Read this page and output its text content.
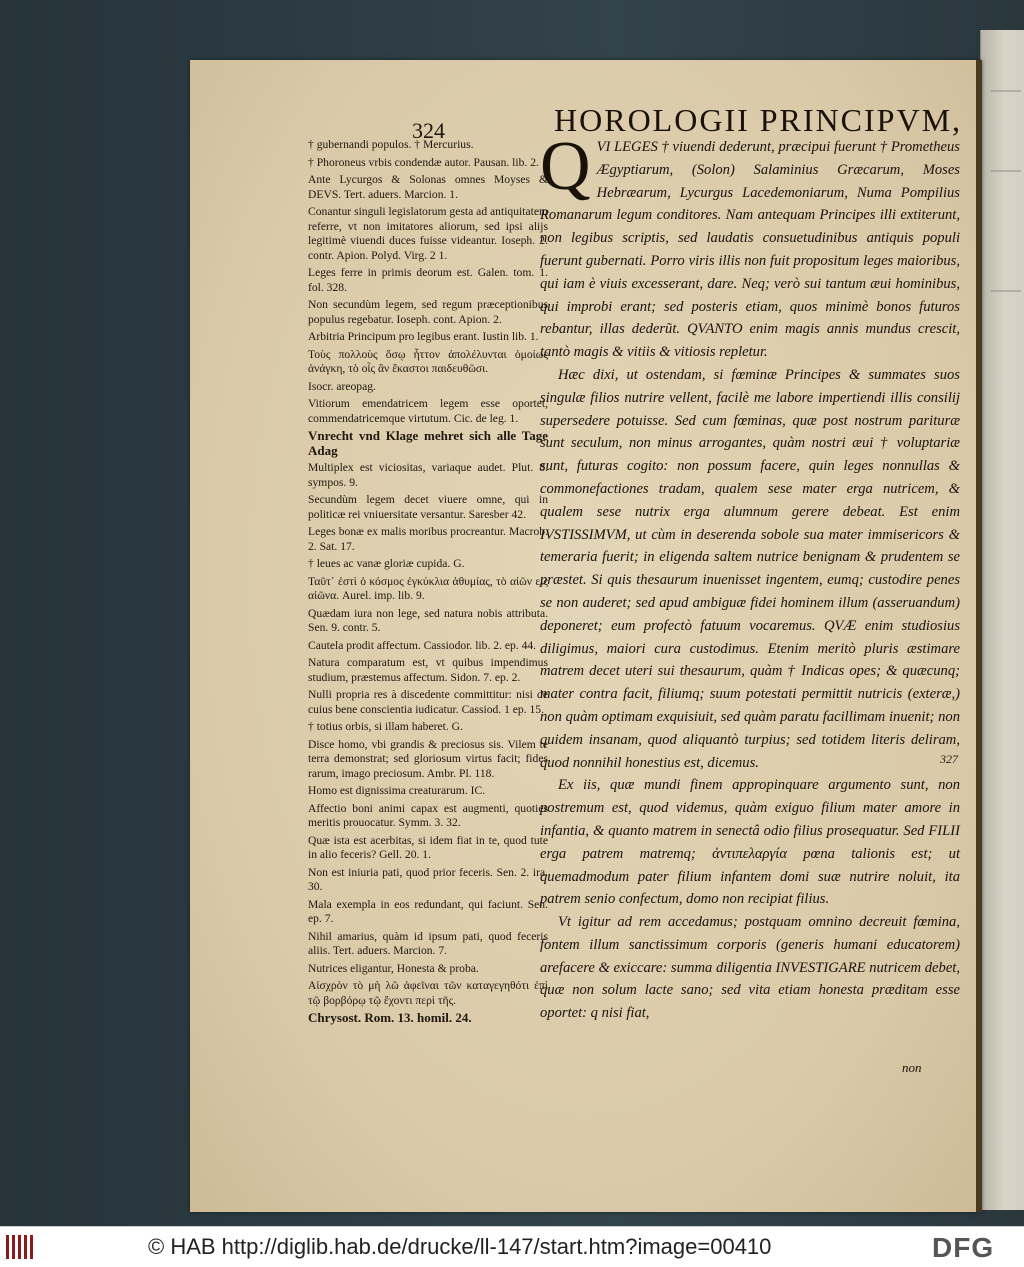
324	HOROLOGII PRINCIPVM,

† gubernandi populos. † Mercurius.

† Phoroneus vrbis condendæ autor. Pausan. lib. 2.

Ante Lycurgos & Solonas omnes Moyses & DEVS. Tert. aduers. Marcion. 1.

Conantur singuli legislatorum gesta ad antiquitatem referre, vt non imitatores aliorum, sed ipsi alijs legitimè viuendi duces fuisse videantur. Ioseph. 2. contr. Apion. Polyd. Virg. 2 1.

Leges ferre in primis deorum est. Galen. tom. 1. fol. 328.

Non secundùm legem, sed regum præceptionibus populus regebatur. Ioseph. cont. Apion. 2.

Arbitria Principum pro legibus erant. Iustin lib. 1.

Τοὺς πολλοὺς ὅσῳ ἧττον ἀπολέλυνται ὁμοίως ἀνάγκη, τὸ οἷς ἂν ἕκαστοι παιδευθῶσι.

Isocr. areopag.

Vitiorum emendatricem legem esse oportet, commendatricemque virtutum. Cic. de leg. 1.

Vnrecht vnd Klage mehret sich alle Tage Adag

Multiplex est viciositas, variaque audet. Plut. 8. sympos. 9.

Secundùm legem decet viuere omne, qui in politicæ rei vniuersitate versantur. Saresber 42.

Leges bonæ ex malis moribus procreantur. Macrob. 2. Sat. 17.

† leues ac vanæ gloriæ cupida. G.

Ταῦτ᾽ ἐστὶ ὁ κόσμος ἐγκύκλια ἀθυμίας, τὸ αἰῶν εἰς αἰῶνα. Aurel. imp. lib. 9.

Quædam iura non lege, sed natura nobis attributa. Sen. 9. contr. 5.

Cautela prodit affectum. Cassiodor. lib. 2. ep. 44.

Natura comparatum est, vt quibus impendimus studium, præstemus affectum. Sidon. 7. ep. 2.

Nulli propria res à discedente committitur: nisi de cuius bene conscientia iudicatur. Cassiod. 1 ep. 15.

† totius orbis, si illam haberet. G.

Disce homo, vbi grandis & preciosus sis. Vilem te terra demonstrat; sed gloriosum virtus facit; fides rarum, imago preciosum. Ambr. Pl. 118.

Homo est dignissima creaturarum. IC.

Affectio boni animi capax est augmenti, quoties meritis prouocatur. Symm. 3. 32.

Quæ ista est acerbitas, si idem fiat in te, quod tute in alio feceris? Gell. 20. 1.

Non est iniuria pati, quod prior feceris. Sen. 2. ira. 30.

Mala exempla in eos redundant, qui faciunt. Sen. ep. 7.

Nihil amarius, quàm id ipsum pati, quod feceris aliis. Tert. aduers. Marcion. 7.

Nutrices eligantur, Honesta & proba.

Αἰσχρὸν τὸ μὴ λῶ ἀφεῖναι τῶν καταγεγηθότι ἐπὶ τῷ βορβόρῳ τῷ ἔχοντι περὶ τῆς.

Chrysost. Rom. 13. homil. 24.

QVI LEGES † viuendi dederunt, præcipui fuerunt † Prometheus Ægyptiarum, (Solon) Salaminius Græcarum, Moses Hebræarum, Lycurgus Lacedemoniarum, Numa Pompilius Romanarum legum conditores. Nam antequam Principes illi extiterunt, non legibus scriptis, sed laudatis consuetudinibus antiquis populi fuerunt gubernati. Porro viris illis non fuit propositum leges maioribus, qui iam è viuis excesserant, dare. Neq; verò sui tantum æui hominibus, qui improbi erant; sed posteris etiam, quos minimè bonos futuros rebantur, illas dederũt. QVANTO enim magis annis mundus crescit, tantò magis & vitiis & vitiosis repletur.

Hæc dixi, ut ostendam, si fœminæ Principes & summates suos singulæ filios nutrire vellent, facilè me labore impertiendi illis consilij supersedere potuisse. Sed cum fœminas, quæ post nostrum parituræ sunt seculum, non minus arrogantes, quàm nostri æui † voluptariæ sunt, futuras cogito: non possum facere, quin leges nonnullas & commonefactiones tradam, qualem sese mater erga nutricem, & qualem sese nutrix erga alumnum gerere debeat. Est enim IVSTISSIMVM, ut cùm in deserenda sobole sua mater immisericors & temeraria fuerit; in eligenda saltem nutrice benignam & prudentem se præstet. Si quis thesaurum inuenisset ingentem, eumq; custodire penes se non auderet; sed apud ambiguæ fidei hominem illum (asseruandum) deponeret; eum profectò fatuum vocaremus. QVÆ enim studiosius diligimus, maiori cura custodimus. Etenim meritò pluris æstimare matrem decet uteri sui thesaurum, quàm † Indicas opes; & quæcunq; mater contra facit, filiumq; suum potestati permittit nutricis (exteræ,) non quàm optimam exquisiuit, sed quàm paratu facillimam inuenit; non quidem insanam, quod aliquantò turpius; sed totidem literis deliram, quod nonnihil honestius est, dicemus.

Ex iis, quæ mundi finem appropinquare argumento sunt, non postremum est, quod videmus, quàm exiguo filium mater amore in infantia, & quanto matrem in senectâ odio filius prosequatur. Sed FILII erga patrem matremq; ἀντιπελαργία pœna talionis est; ut quemadmodum pater filium infantem domi suæ nutrire noluit, ita patrem senio confectum, domo non recipiat filius.

Vt igitur ad rem accedamus; postquam omnino decreuit fœmina, fontem illum sanctissimum corporis (generis humani educatorem) arefacere & exiccare: summa diligentia INVESTIGARE nutricem debet, quæ non solum lacte sano; sed vita etiam honesta præditam esse oportet: q nisi fiat,

327
non
© HAB http://diglib.hab.de/drucke/ll-147/start.htm?image=00410	DFG
